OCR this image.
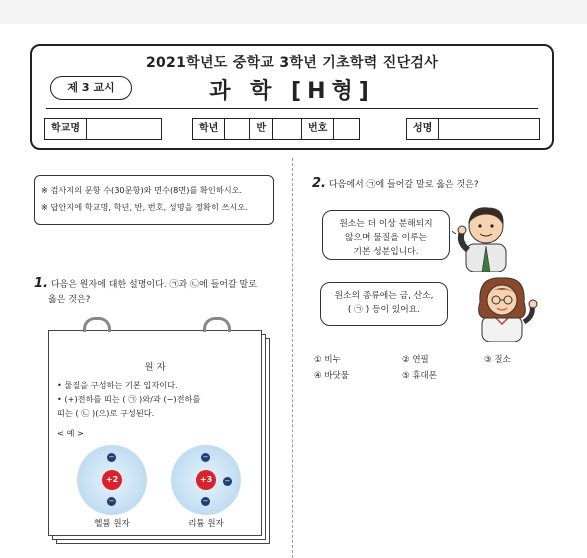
2021학년도 중학교 3학년 기초학력 진단검사
제 3 교시	과 학 [H형]
학교명	학년	반	번호	성명
※ 검사지의 문항 수(30문항)와 면수(8면)를 확인하시오.
※ 답안지에 학교명, 학년, 반, 번호, 성명을 정확히 쓰시오.
1. 다음은 원자에 대한 설명이다. ㉠과 ㉡에 들어갈 말로
옳은 것은?
원 자
• 물질을 구성하는 기본 입자이다.
• (+)전하를 띠는 ( ㉠ )와/과 (−)전하를
띠는 ( ㉡ )(으)로 구성된다.
< 예 >
+2
−
−
헬륨 원자
+3
−
−
−
리튬 원자
2. 다음에서 ㉠에 들어갈 말로 옳은 것은?
원소는 더 이상 분해되지
않으며 물질을 이루는
기본 성분입니다.
원소의 종류에는 금, 산소,
( ㉠ ) 등이 있어요.
① 비누	② 연필	③ 질소
④ 바닷물	⑤ 휴대폰
